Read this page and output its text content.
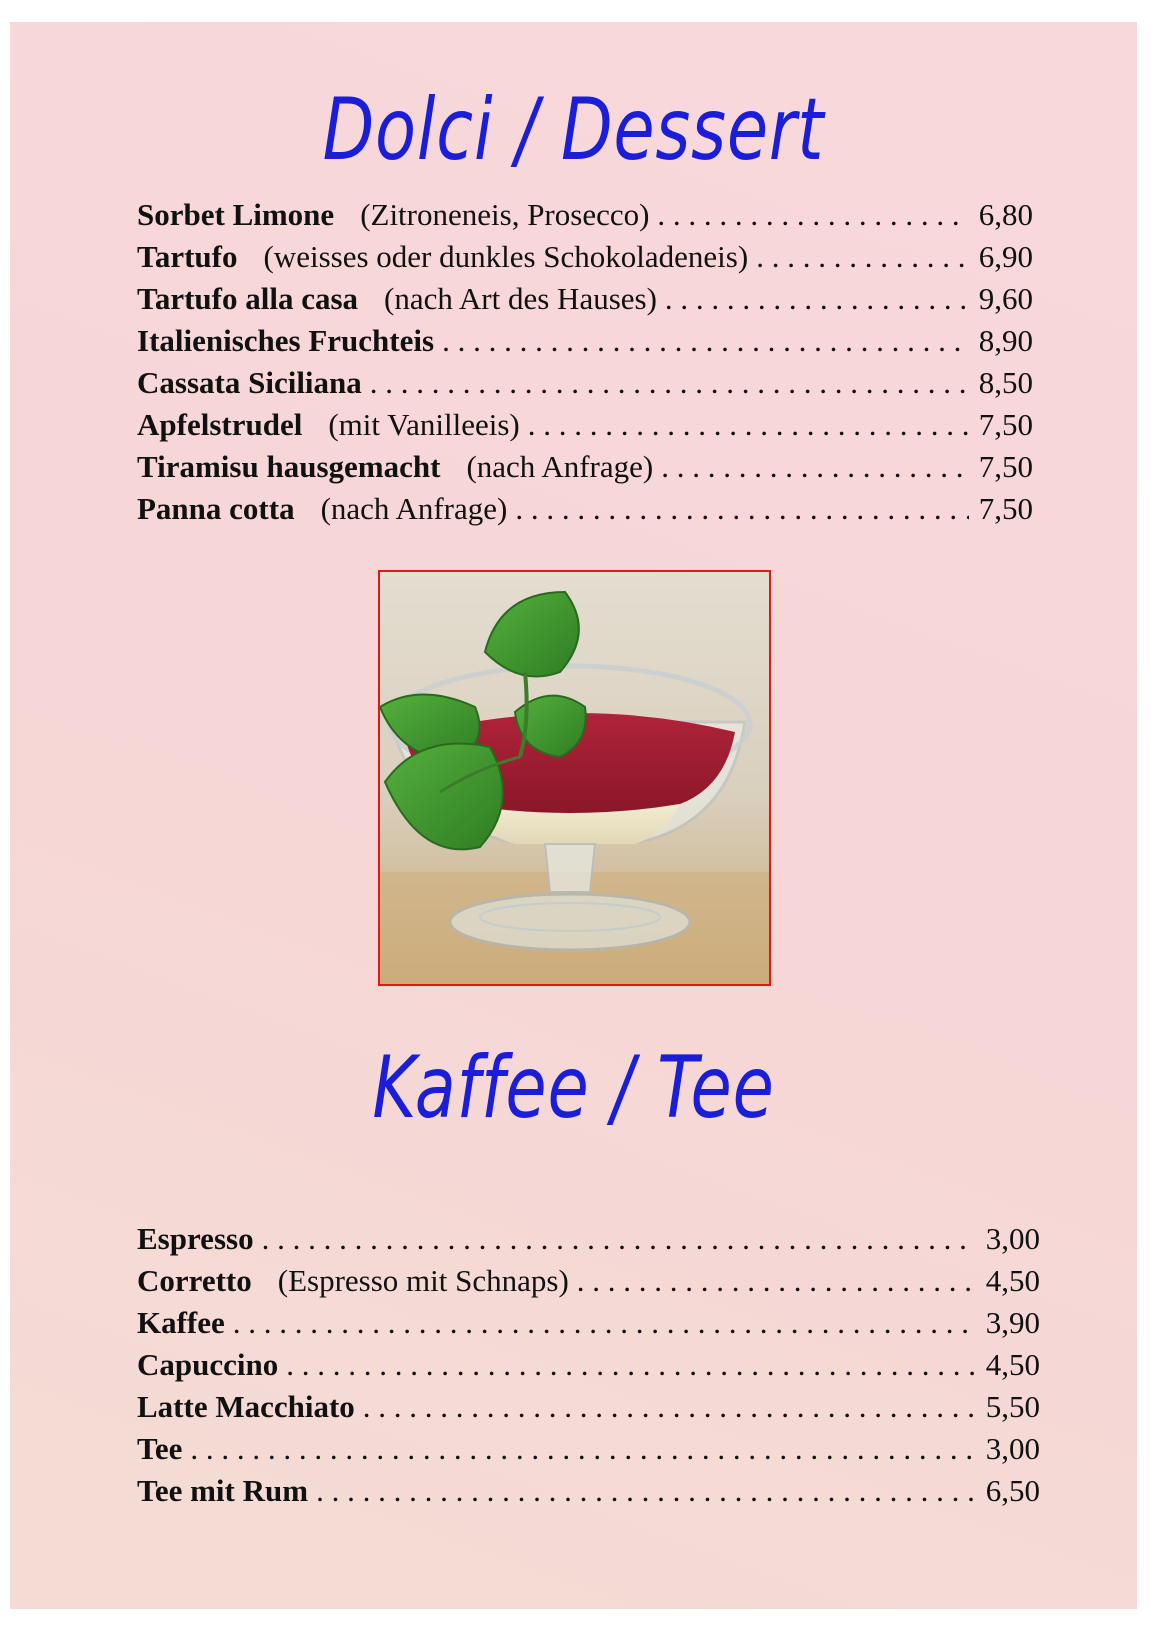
Dolci / Dessert
Sorbet Limone (Zitroneneis, Prosecco) . . .	6,80
Tartufo (weisses oder dunkles Schokoladeneis) . . .	6,90
Tartufo alla casa (nach Art des Hauses) . . .	9,60
Italienisches Fruchteis . . .	8,90
Cassata Siciliana . . .	8,50
Apfelstrudel (mit Vanilleeis) . . .	7,50
Tiramisu hausgemacht (nach Anfrage) . . .	7,50
Panna cotta (nach Anfrage) . . .	7,50
Kaffee / Tee
Espresso . . .	3,00
Corretto (Espresso mit Schnaps) . . .	4,50
Kaffee . . .	3,90
Capuccino . . .	4,50
Latte Macchiato . . .	5,50
Tee . . .	3,00
Tee mit Rum . . .	6,50
